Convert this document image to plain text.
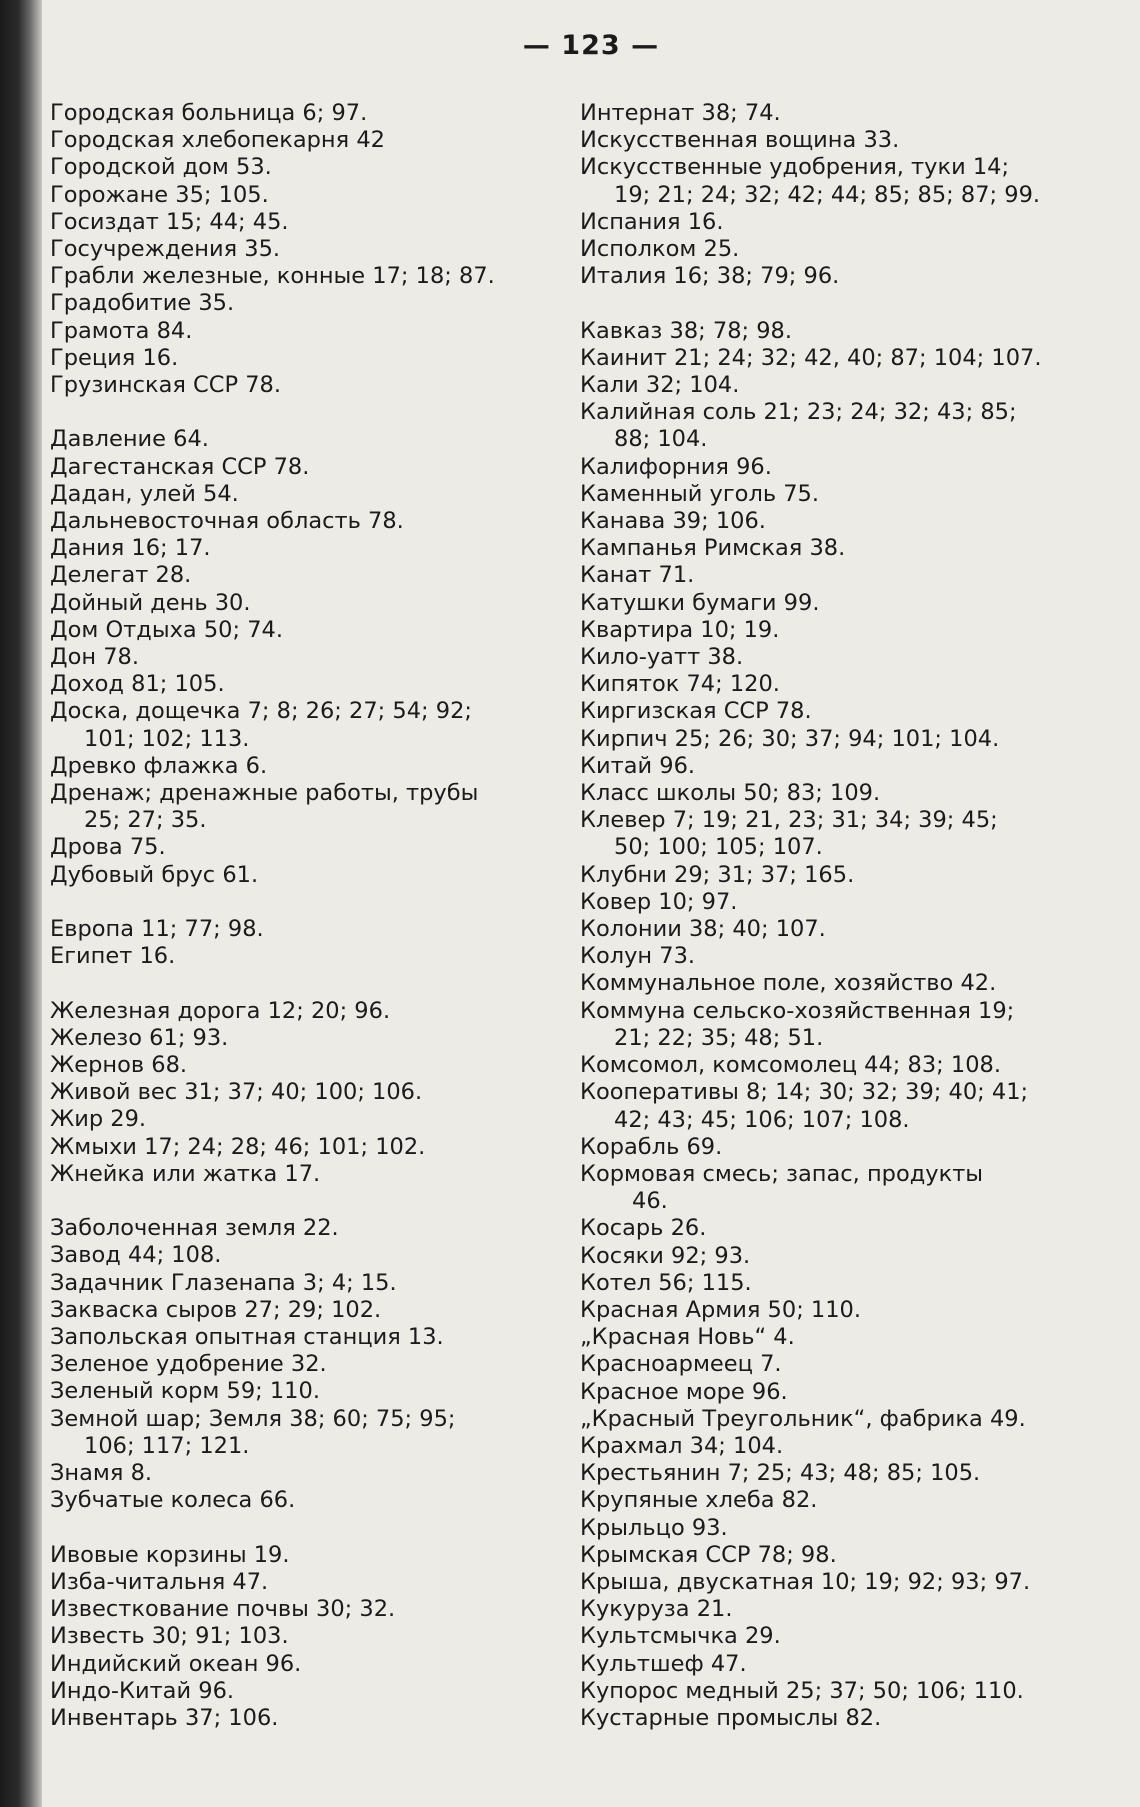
— 123 —
Городская больница 6; 97.
Городская хлебопекарня 42
Городской дом 53.
Горожане 35; 105.
Госиздат 15; 44; 45.
Госучреждения 35.
Грабли железные, конные 17; 18; 87.
Градобитие 35.
Грамота 84.
Греция 16.
Грузинская ССР 78.
Давление 64.
Дагестанская ССР 78.
Дадан, улей 54.
Дальневосточная область 78.
Дания 16; 17.
Делегат 28.
Дойный день 30.
Дом Отдыха 50; 74.
Дон 78.
Доход 81; 105.
Доска, дощечка 7; 8; 26; 27; 54; 92;
101; 102; 113.
Древко флажка 6.
Дренаж; дренажные работы, трубы
25; 27; 35.
Дрова 75.
Дубовый брус 61.
Европа 11; 77; 98.
Египет 16.
Железная дорога 12; 20; 96.
Железо 61; 93.
Жернов 68.
Живой вес 31; 37; 40; 100; 106.
Жир 29.
Жмыхи 17; 24; 28; 46; 101; 102.
Жнейка или жатка 17.
Заболоченная земля 22.
Завод 44; 108.
Задачник Глазенапа 3; 4; 15.
Закваска сыров 27; 29; 102.
Запольская опытная станция 13.
Зеленое удобрение 32.
Зеленый корм 59; 110.
Земной шар; Земля 38; 60; 75; 95;
106; 117; 121.
Знамя 8.
Зубчатые колеса 66.
Ивовые корзины 19.
Изба-читальня 47.
Известкование почвы 30; 32.
Известь 30; 91; 103.
Индийский океан 96.
Индо-Китай 96.
Инвентарь 37; 106.
Интернат 38; 74.
Искусственная вощина 33.
Искусственные удобрения, туки 14;
19; 21; 24; 32; 42; 44; 85; 85; 87; 99.
Испания 16.
Исполком 25.
Италия 16; 38; 79; 96.
Кавказ 38; 78; 98.
Каинит 21; 24; 32; 42, 40; 87; 104; 107.
Кали 32; 104.
Калийная соль 21; 23; 24; 32; 43; 85;
88; 104.
Калифорния 96.
Каменный уголь 75.
Канава 39; 106.
Кампанья Римская 38.
Канат 71.
Катушки бумаги 99.
Квартира 10; 19.
Кило-уатт 38.
Кипяток 74; 120.
Киргизская ССР 78.
Кирпич 25; 26; 30; 37; 94; 101; 104.
Китай 96.
Класс школы 50; 83; 109.
Клевер 7; 19; 21, 23; 31; 34; 39; 45;
50; 100; 105; 107.
Клубни 29; 31; 37; 165.
Ковер 10; 97.
Колонии 38; 40; 107.
Колун 73.
Коммунальное поле, хозяйство 42.
Коммуна сельско-хозяйственная 19;
21; 22; 35; 48; 51.
Комсомол, комсомолец 44; 83; 108.
Кооперативы 8; 14; 30; 32; 39; 40; 41;
42; 43; 45; 106; 107; 108.
Корабль 69.
Кормовая смесь; запас, продукты
46.
Косарь 26.
Косяки 92; 93.
Котел 56; 115.
Красная Армия 50; 110.
„Красная Новь“ 4.
Красноармеец 7.
Красное море 96.
„Красный Треугольник“, фабрика 49.
Крахмал 34; 104.
Крестьянин 7; 25; 43; 48; 85; 105.
Крупяные хлеба 82.
Крыльцо 93.
Крымская ССР 78; 98.
Крыша, двускатная 10; 19; 92; 93; 97.
Кукуруза 21.
Культсмычка 29.
Культшеф 47.
Купорос медный 25; 37; 50; 106; 110.
Кустарные промыслы 82.
